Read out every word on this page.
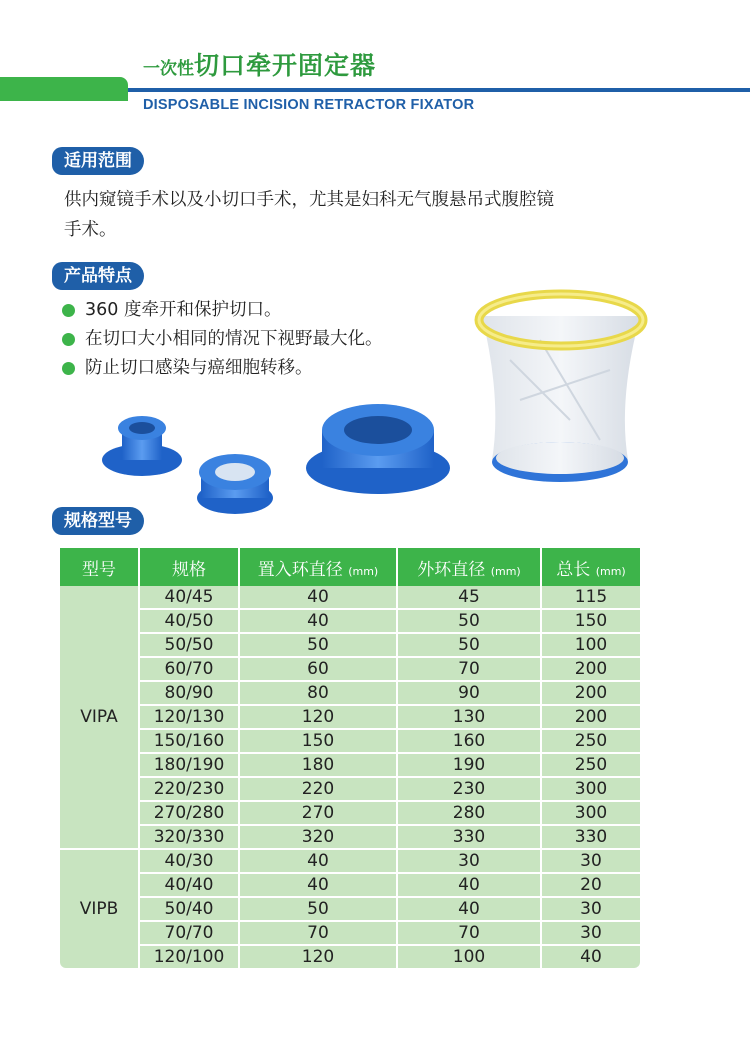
一次性切口牵开固定器
DISPOSABLE INCISION RETRACTOR FIXATOR
适用范围
供内窥镜手术以及小切口手术，尤其是妇科无气腹悬吊式腹腔镜
手术。
产品特点
360 度牵开和保护切口。
在切口大小相同的情况下视野最大化。
防止切口感染与癌细胞转移。
规格型号
型号	规格	置入环直径 (mm)	外环直径 (mm)	总长 (mm)
VIPA	40/45	40	45	115
	40/50	40	50	150
	50/50	50	50	100
	60/70	60	70	200
	80/90	80	90	200
	120/130	120	130	200
	150/160	150	160	250
	180/190	180	190	250
	220/230	220	230	300
	270/280	270	280	300
	320/330	320	330	330
VIPB	40/30	40	30	30
	40/40	40	40	20
	50/40	50	40	30
	70/70	70	70	30
	120/100	120	100	40
